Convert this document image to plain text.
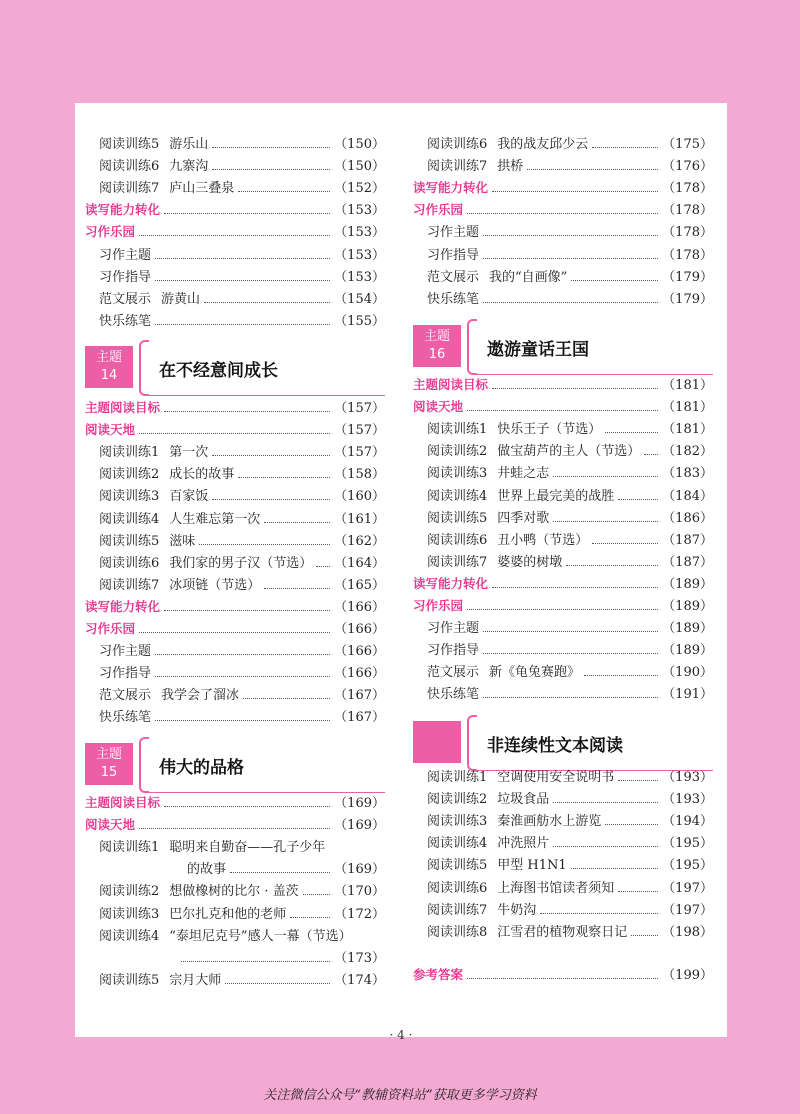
阅读训练5 游乐山	（150）
阅读训练6 九寨沟	（150）
阅读训练7 庐山三叠泉	（152）
读写能力转化	（153）
习作乐园	（153）
习作主题	（153）
习作指导	（153）
范文展示 游黄山	（154）
快乐练笔	（155）
主题
14	在不经意间成长
主题阅读目标	（157）
阅读天地	（157）
阅读训练1 第一次	（157）
阅读训练2 成长的故事	（158）
阅读训练3 百家饭	（160）
阅读训练4 人生难忘第一次	（161）
阅读训练5 滋味	（162）
阅读训练6 我们家的男子汉（节选） （164）
阅读训练7 冰项链（节选）	（165）
读写能力转化	（166）
习作乐园	（166）
习作主题	（166）
习作指导	（166）
范文展示 我学会了溜冰	（167）
快乐练笔	（167）
主题
15	伟大的品格
主题阅读目标	（169）
阅读天地	（169）
阅读训练1 聪明来自勤奋——孔子少年
的故事	（169）
阅读训练2 想做橡树的比尔 · 盖茨	（170）
阅读训练3 巴尔扎克和他的老师	（172）
阅读训练4 “泰坦尼克号”感人一幕（节选）
（173）
阅读训练5 宗月大师	（174）
阅读训练6 我的战友邱少云	（175）
阅读训练7 拱桥	（176）
读写能力转化	（178）
习作乐园	（178）
习作主题	（178）
习作指导	（178）
范文展示 我的“自画像”	（179）
快乐练笔	（179）
主题
16	遨游童话王国
主题阅读目标	（181）
阅读天地	（181）
阅读训练1 快乐王子（节选）	（181）
阅读训练2 做宝葫芦的主人（节选） （182）
阅读训练3 井蛙之志	（183）
阅读训练4 世界上最完美的战胜	（184）
阅读训练5 四季对歌	（186）
阅读训练6 丑小鸭（节选）	（187）
阅读训练7 婆婆的树墩	（187）
读写能力转化	（189）
习作乐园	（189）
习作主题	（189）
习作指导	（189）
范文展示 新《龟兔赛跑》	（190）
快乐练笔	（191）
非连续性文本阅读
阅读训练1 空调使用安全说明书	（193）
阅读训练2 垃圾食品	（193）
阅读训练3 秦淮画舫水上游览	（194）
阅读训练4 冲洗照片	（195）
阅读训练5 甲型 H1N1	（195）
阅读训练6 上海图书馆读者须知	（197）
阅读训练7 牛奶沟	（197）
阅读训练8 江雪君的植物观察日记	（198）
参考答案	（199）
· 4 ·
关注微信公众号“教辅资料站”获取更多学习资料
